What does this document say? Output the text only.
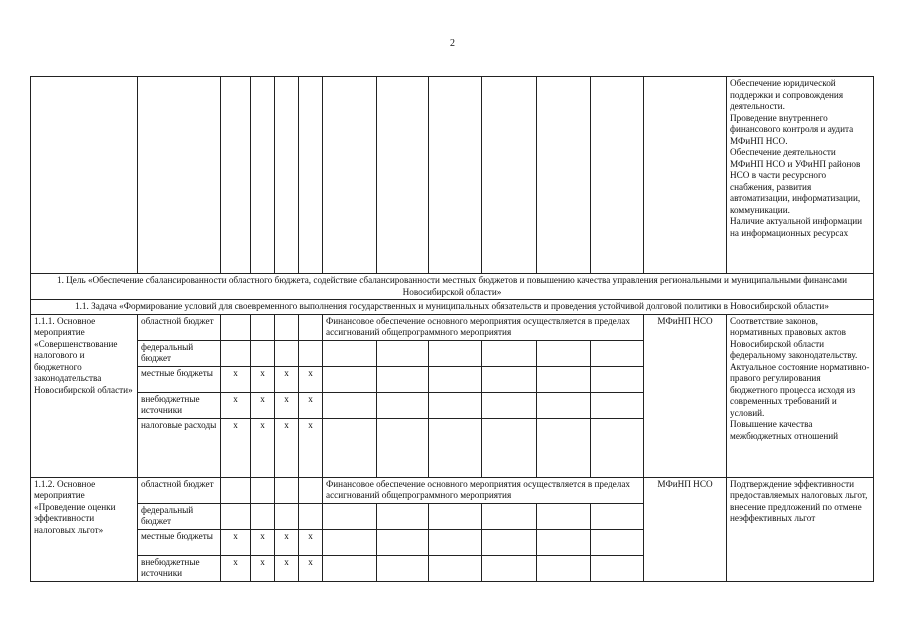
2

													Обеспечение юридической поддержки и сопровождения деятельности.
Проведение внутреннего финансового контроля и аудита МФиНП НСО.
Обеспечение деятельности МФиНП НСО и УФиНП районов НСО в части ресурсного снабжения, развития автоматизации, информатизации, коммуникации.
Наличие актуальной информации на информационных ресурсах

1. Цель «Обеспечение сбалансированности областного бюджета, содействие сбалансированности местных бюджетов и повышению качества управления региональными и муниципальными финансами Новосибирской области»													
1.1. Задача «Формирование условий для своевременного выполнения государственных и муниципальных обязательств и проведения устойчивой долговой политики в Новосибирской области»													
1.1.1. Основное мероприятие «Совершенствование налогового и бюджетного законодательства Новосибирской области»	областной бюджет					Финансовое обеспечение основного мероприятия осуществляется в пределах ассигнований общепрограммного мероприятия						МФиНП НСО	Соответствие законов, нормативных правовых актов Новосибирской области федеральному законодательству.
Актуальное состояние нормативно-правого регулирования бюджетного процесса исходя из современных требований и условий.
Повышение качества межбюджетных отношений

	федеральный бюджет												
	местные бюджеты	x	x	x	x								
	внебюджетные источники	x	x	x	x								
	налоговые расходы	x	x	x	x								
1.1.2. Основное мероприятие «Проведение оценки эффективности налоговых льгот»	областной бюджет					Финансовое обеспечение основного мероприятия осуществляется в пределах ассигнований общепрограммного мероприятия						МФиНП НСО	Подтверждение эффективности предоставляемых налоговых льгот, внесение предложений по отмене неэффективных льгот

	федеральный бюджет												
	местные бюджеты	x	x	x	x								
	внебюджетные источники	x	x	x	x								
